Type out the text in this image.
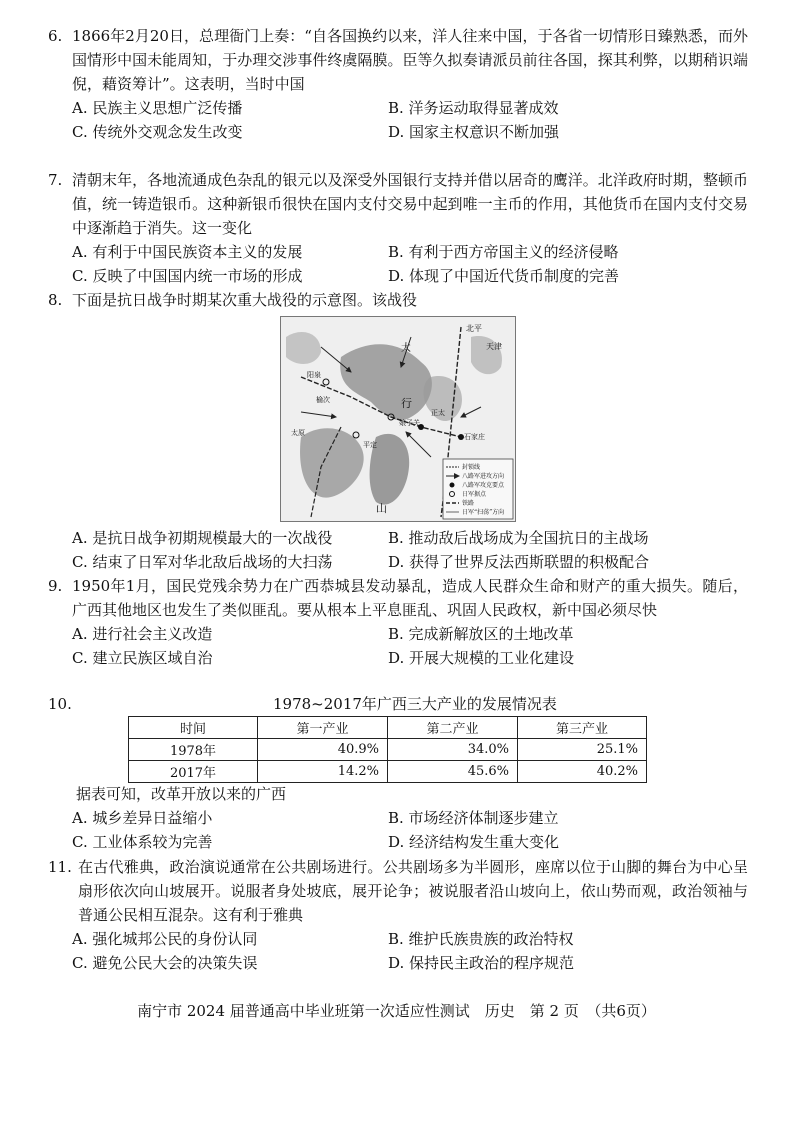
6. 1866年2月20日，总理衙门上奏：“自各国换约以来，洋人往来中国，于各省一切情形日臻熟悉，而外国情形中国未能周知，于办理交涉事件终虞隔膜。臣等久拟奏请派员前往各国，探其利弊，以期稍识端倪，藉资筹计”。这表明，当时中国
A. 民族主义思想广泛传播	B. 洋务运动取得显著成效
C. 传统外交观念发生改变	D. 国家主权意识不断加强
7. 清朝末年，各地流通成色杂乱的银元以及深受外国银行支持并借以居奇的鹰洋。北洋政府时期，整顿币值，统一铸造银币。这种新银币很快在国内支付交易中起到唯一主币的作用，其他货币在国内支付交易中逐渐趋于消失。这一变化
A. 有利于中国民族资本主义的发展	B. 有利于西方帝国主义的经济侵略
C. 反映了中国国内统一市场的形成	D. 体现了中国近代货币制度的完善
8. 下面是抗日战争时期某次重大战役的示意图。该战役
北平
天津
太
行
山
石家庄
阳泉
娘子关
太原
平定
正太
榆次
封锁线
八路军进攻方向
八路军攻克要点
日军据点
铁路
日军“扫荡”方向
A. 是抗日战争初期规模最大的一次战役	B. 推动敌后战场成为全国抗日的主战场
C. 结束了日军对华北敌后战场的大扫荡	D. 获得了世界反法西斯联盟的积极配合
9. 1950年1月，国民党残余势力在广西恭城县发动暴乱，造成人民群众生命和财产的重大损失。随后，广西其他地区也发生了类似匪乱。要从根本上平息匪乱、巩固人民政权，新中国必须尽快
A. 进行社会主义改造	B. 完成新解放区的土地改革
C. 建立民族区域自治	D. 开展大规模的工业化建设
10.	1978~2017年广西三大产业的发展情况表
时间	第一产业	第二产业	第三产业
1978年	40.9%	34.0%	25.1%
2017年	14.2%	45.6%	40.2%
据表可知，改革开放以来的广西
A. 城乡差异日益缩小	B. 市场经济体制逐步建立
C. 工业体系较为完善	D. 经济结构发生重大变化
11. 在古代雅典，政治演说通常在公共剧场进行。公共剧场多为半圆形，座席以位于山脚的舞台为中心呈扇形依次向山坡展开。说服者身处坡底，展开论争；被说服者沿山坡向上，依山势而观，政治领袖与普通公民相互混杂。这有利于雅典
A. 强化城邦公民的身份认同	B. 维护氏族贵族的政治特权
C. 避免公民大会的决策失误	D. 保持民主政治的程序规范
南宁市 2024 届普通高中毕业班第一次适应性测试　历史　第 2 页　（共6页）
